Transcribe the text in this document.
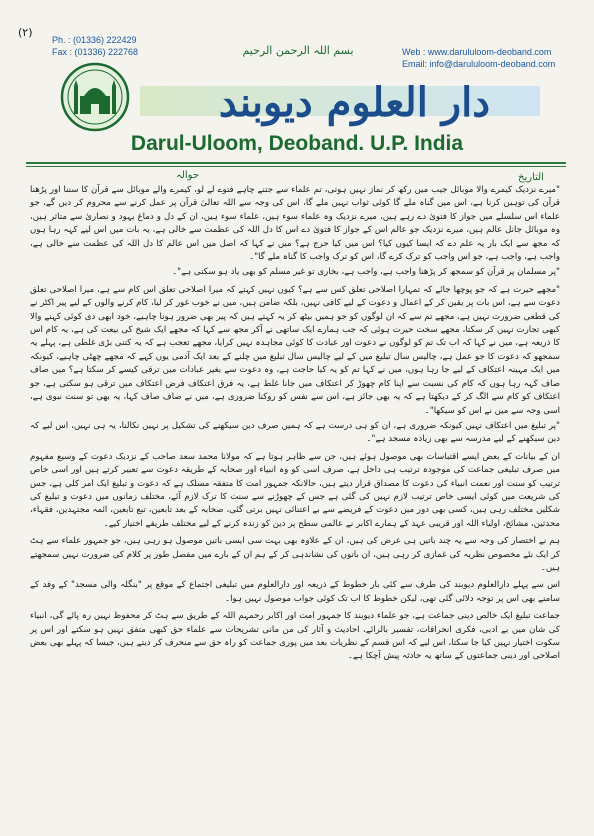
(۲)
Ph. : (01336) 222429
Fax : (01336) 222768	Web : www.darululoom-deoband.com
Email: info@darululoom-deoband.com
بسم اللہ الرحمن الرحیم
دار العلوم دیوبند
Darul-Uloom, Deoband. U.P. India
حوالہ	التاریخ

"میرے نزدیک کیمرے والا موبائل جیب میں رکھ کر نماز نہیں ہوتی، تم علماء سے جتنے چاہے فتوے لے لو، کیمرے والے موبائل سے قرآن کا سننا اور پڑھنا قرآن کی توہین کرنا ہے، اس میں گناہ ملے گا کوئی ثواب نہیں ملے گا، اس کی وجہ سے اللہ تعالیٰ قرآن پر عمل کرنے سے محروم کر دیں گے، جو علماء اس سلسلے میں جواز کا فتویٰ دے رہے ہیں، میرے نزدیک وہ علماء سوء ہیں، علماء سوء ہیں، ان کے دل و دماغ یہود و نصاریٰ سے متاثر ہیں، وہ موبائل جانل عالم ہیں، میرے نزدیک جو عالم اس کے جواز کا فتویٰ دے اس کا دل اللہ کی عظمت سے خالی ہے، یہ بات میں اس لیے کہہ رہا ہوں کہ مجھ سے ایک بار یہ علم دے کہ ایسا کیوں کیا؟ اس میں کیا حرج ہے؟ میں نے کہا کہ اصل میں اس عالم کا دل اللہ کی عظمت سے خالی ہے، واجب ہے، واجب ہے، جو اس واجب کو ترک کرے گا، اس کو ترک واجب کا گناہ ملے گا"۔

"پر مسلمان پر قرآن کو سمجھ کر پڑھنا واجب ہے، واجب ہے، بخاری تو غیر مسلم کو بھی یاد ہو سکتی ہے"۔

"مجھے حیرت ہے کہ جو پوچھا جائے کہ تمہارا اصلاحی تعلق کس سے ہے؟ کیوں نہیں کہتے کہ میرا اصلاحی تعلق اس کام سے ہے، میرا اصلاحی تعلق دعوت سے ہے، اس بات پر یقین کر کے اعمال و دعوت کے لیے کافی نہیں، بلکہ ضامن ہیں، میں نے خوب غور کر لیا، کام کرنے والوں کے لیے پیر اکٹر نے کی قطعی ضرورت نہیں ہے، مجھے تم سے کہ ان لوگوں کو جو ہمیں بیٹھ کر یہ کہتے ہیں کہ پیر بھی ضرور ہونا چاہیے، خود ابھی دی کوئی کہنے والا کبھی تجارت نہیں کر سکتا، مجھے سخت حیرت ہوئی کہ جب ہمارے ایک ساتھی نے آکر مجھ سے کہا کہ مجھے ایک شیخ کی بیعت کی ہے، یہ کام اس کا ذریعہ ہے، میں نے کہا کہ اب تک تم کو لوگوں نے دعوت اور عبادت کا کوئی مجاہدہ نہیں کرایا، مجھے تعجب ہے کہ یہ کتنی بڑی غلطی ہے، پہلے یہ سمجھو کہ دعوت کا جو عمل ہے، چالیس سال تبلیغ میں کے لیے چالیس سال تبلیغ میں چلنے کے بعد ایک آدمی یوں کہے کہ مجھے چھٹی چاہیے، کیونکہ میں ایک مہینہ اعتکاف کے لیے جا رہا ہوں، میں نے کہا تم کو یہ کیا حاجت ہے، وہ دعوت سے بغیر عبادات میں ترقی کیسے کر سکتا ہے؟ میں صاف صاف کہہ رہا ہوں کہ کام کی نسبت سے اپنا کام چھوڑ کر اعتکاف میں جانا غلط ہے، یہ فرق اعتکاف فرض اعتکاف میں ترقی ہو سکتی ہے، جو اعتکاف کو کام سے الگ کر کے دیکھتا ہے کہ یہ بھی جائز ہے، اس سے نفس کو روکنا ضروری ہے، میں نے صاف صاف کہا، یہ بھی تو سنت نبوی ہے، اسی وجہ سے میں نے اس کو سیکھا"۔

"پر تبلیغ میں اعتکاف نہیں کیونکہ ضروری ہے، ان کو ہی درست ہے کہ ہمیں صرف دین سیکھنے کی تشکیل پر نہیں نکالنا، یہ ہی نہیں، اس لیے کہ دین سیکھنے کے لیے مدرسہ سے بھی زیادہ مسجد ہے"۔

ان کے بیانات کے بعض ایسے اقتباسات بھی موصول ہوئے ہیں، جن سے ظاہر ہوتا ہے کہ مولانا محمد سعد صاحب کے نزدیک دعوت کے وسیع مفہوم میں صرف تبلیغی جماعت کی موجودہ ترتیب ہی داخل ہے، صرف اسی کو وہ انبیاء اور صحابہ کے طریقہ دعوت سے تعبیر کرتے ہیں اور اسی خاص ترتیب کو سنت اور نعمت انبیاء کی دعوت کا مصداق قرار دیتے ہیں، حالانکہ جمہور امت کا متفقہ مسلک ہے کہ دعوت و تبلیغ ایک امر کلی ہے، جس کی شریعت میں کوئی ایسی خاص ترتیب لازم نہیں کی گئی ہے جس کے چھوڑنے سے سنت کا ترک لازم آئے، مختلف زمانوں میں دعوت و تبلیغ کی شکلیں مختلف رہی ہیں، کسی بھی دور میں دعوت کے فریضے سے بے اعتنائی نہیں برتی گئی، صحابہ کے بعد تابعین، تبع تابعین، ائمہ مجتہدین، فقہاء، محدثین، مشائخ، اولیاء اللہ اور قریبی عہد کے ہمارے اکابر نے عالمی سطح پر دین کو زندہ کرنے کے لیے مختلف طریقے اختیار کیے۔

ہم نے اختصار کی وجہ سے یہ چند باتیں ہی عرض کی ہیں، ان کے علاوہ بھی بہت سی ایسی باتیں موصول ہو رہی ہیں، جو جمہور علماء سے ہٹ کر ایک نئے مخصوص نظریہ کی غمازی کر رہی ہیں، ان باتوں کی نشاندہی کر کے ہم ان کے بارے میں مفصل طور پر کلام کی ضرورت نہیں سمجھتے ہیں۔

اس سے پہلے دارالعلوم دیوبند کی طرف سے کئی بار خطوط کے ذریعہ اور دارالعلوم میں تبلیغی اجتماع کے موقع پر "بنگلہ والی مسجد" کے وفد کے سامنے بھی اس پر توجہ دلائی گئی تھی، لیکن خطوط کا اب تک کوئی جواب موصول نہیں ہوا۔

جماعت تبلیغ ایک خالص دینی جماعت ہے، جو علماء دیوبند کا جمہور امت اور اکابر رحمہم اللہ کے طریق سے ہٹ کر محفوظ نہیں رہ پائے گی، انبیاء کی شان میں بے ادبی، فکری انحرافات، تفسیر بالرائے، احادیث و آثار کی من مانی تشریحات سے علماء حق کبھی متفق نہیں ہو سکتے اور اس پر سکوت اختیار نہیں کیا جا سکتا، اس لیے کہ اس قسم کے نظریات بعد میں پوری جماعت کو راہ حق سے منحرف کر دیتے ہیں، جیسا کہ پہلے بھی بعض اصلاحی اور دینی جماعتوں کے ساتھ یہ حادثہ پیش آچکا ہے۔
